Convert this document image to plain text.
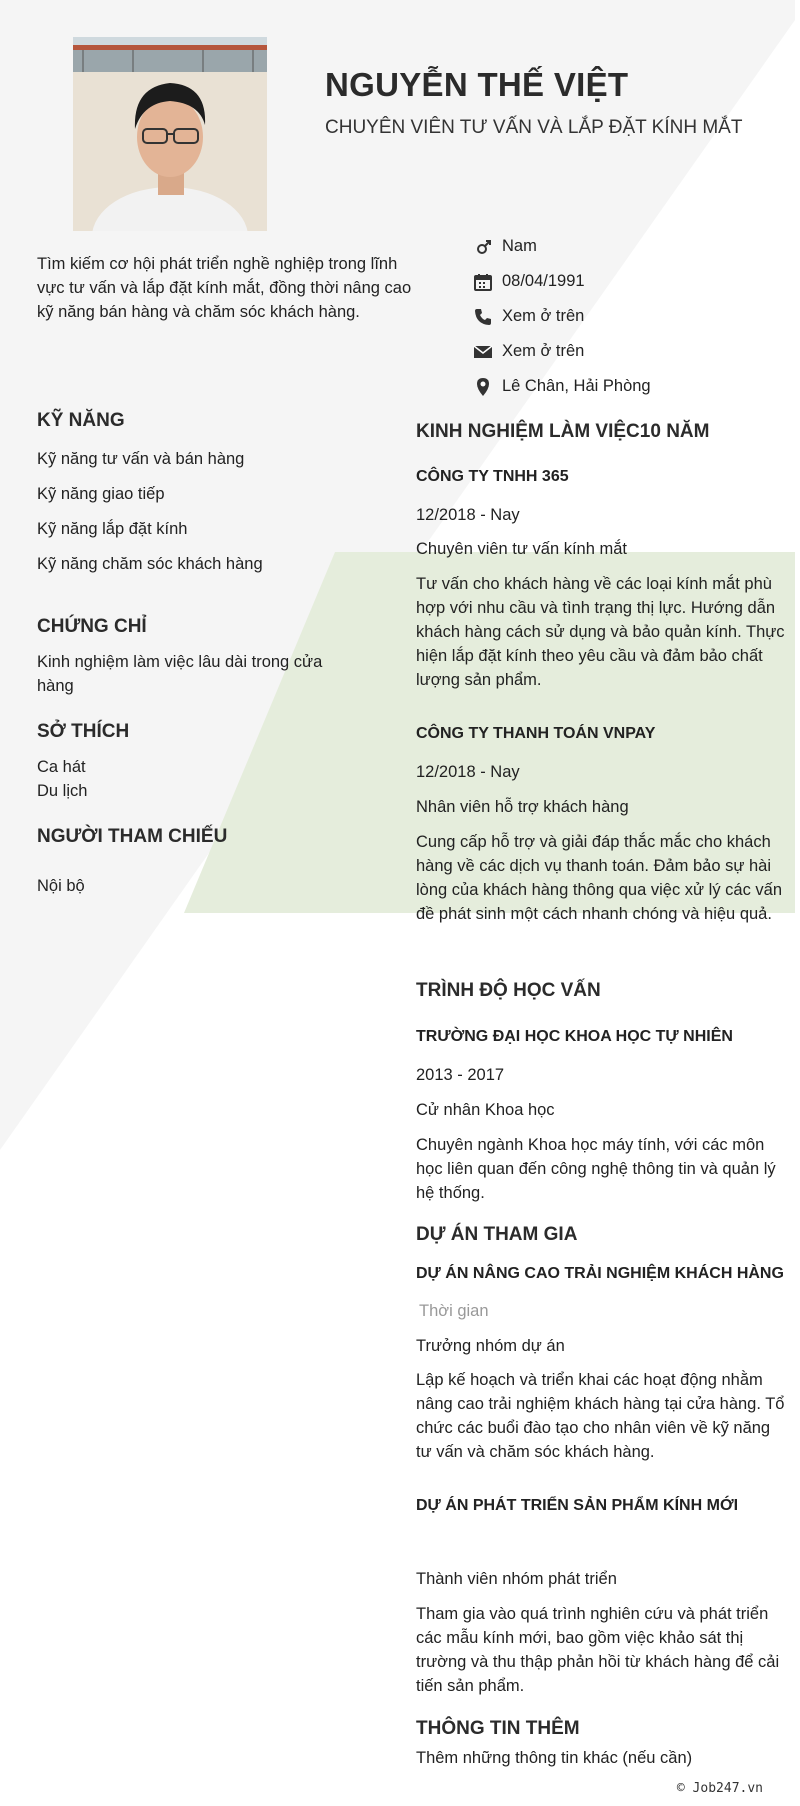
NGUYỄN THẾ VIỆT
CHUYÊN VIÊN TƯ VẤN VÀ LẮP ĐẶT KÍNH MẮT
Tìm kiếm cơ hội phát triển nghề nghiệp trong lĩnh vực tư vấn và lắp đặt kính mắt, đồng thời nâng cao kỹ năng bán hàng và chăm sóc khách hàng.
Nam
08/04/1991
Xem ở trên
Xem ở trên
Lê Chân, Hải Phòng
KỸ NĂNG
Kỹ năng tư vấn và bán hàng
Kỹ năng giao tiếp
Kỹ năng lắp đặt kính
Kỹ năng chăm sóc khách hàng
CHỨNG CHỈ
Kinh nghiệm làm việc lâu dài trong cửa hàng
SỞ THÍCH
Ca hát
Du lịch
NGƯỜI THAM CHIẾU
Nội bộ
KINH NGHIỆM LÀM VIỆC10 NĂM
CÔNG TY TNHH 365
12/2018 - Nay
Chuyên viên tư vấn kính mắt
Tư vấn cho khách hàng về các loại kính mắt phù hợp với nhu cầu và tình trạng thị lực. Hướng dẫn khách hàng cách sử dụng và bảo quản kính. Thực hiện lắp đặt kính theo yêu cầu và đảm bảo chất lượng sản phẩm.
CÔNG TY THANH TOÁN VNPAY
12/2018 - Nay
Nhân viên hỗ trợ khách hàng
Cung cấp hỗ trợ và giải đáp thắc mắc cho khách hàng về các dịch vụ thanh toán. Đảm bảo sự hài lòng của khách hàng thông qua việc xử lý các vấn đề phát sinh một cách nhanh chóng và hiệu quả.
TRÌNH ĐỘ HỌC VẤN
TRƯỜNG ĐẠI HỌC KHOA HỌC TỰ NHIÊN
2013 - 2017
Cử nhân Khoa học
Chuyên ngành Khoa học máy tính, với các môn học liên quan đến công nghệ thông tin và quản lý hệ thống.
DỰ ÁN THAM GIA
DỰ ÁN NÂNG CAO TRẢI NGHIỆM KHÁCH HÀNG
Thời gian
Trưởng nhóm dự án
Lập kế hoạch và triển khai các hoạt động nhằm nâng cao trải nghiệm khách hàng tại cửa hàng. Tổ chức các buổi đào tạo cho nhân viên về kỹ năng tư vấn và chăm sóc khách hàng.
DỰ ÁN PHÁT TRIỂN SẢN PHẨM KÍNH MỚI
Thành viên nhóm phát triển
Tham gia vào quá trình nghiên cứu và phát triển các mẫu kính mới, bao gồm việc khảo sát thị trường và thu thập phản hồi từ khách hàng để cải tiến sản phẩm.
THÔNG TIN THÊM
Thêm những thông tin khác (nếu cần)
© Job247.vn
